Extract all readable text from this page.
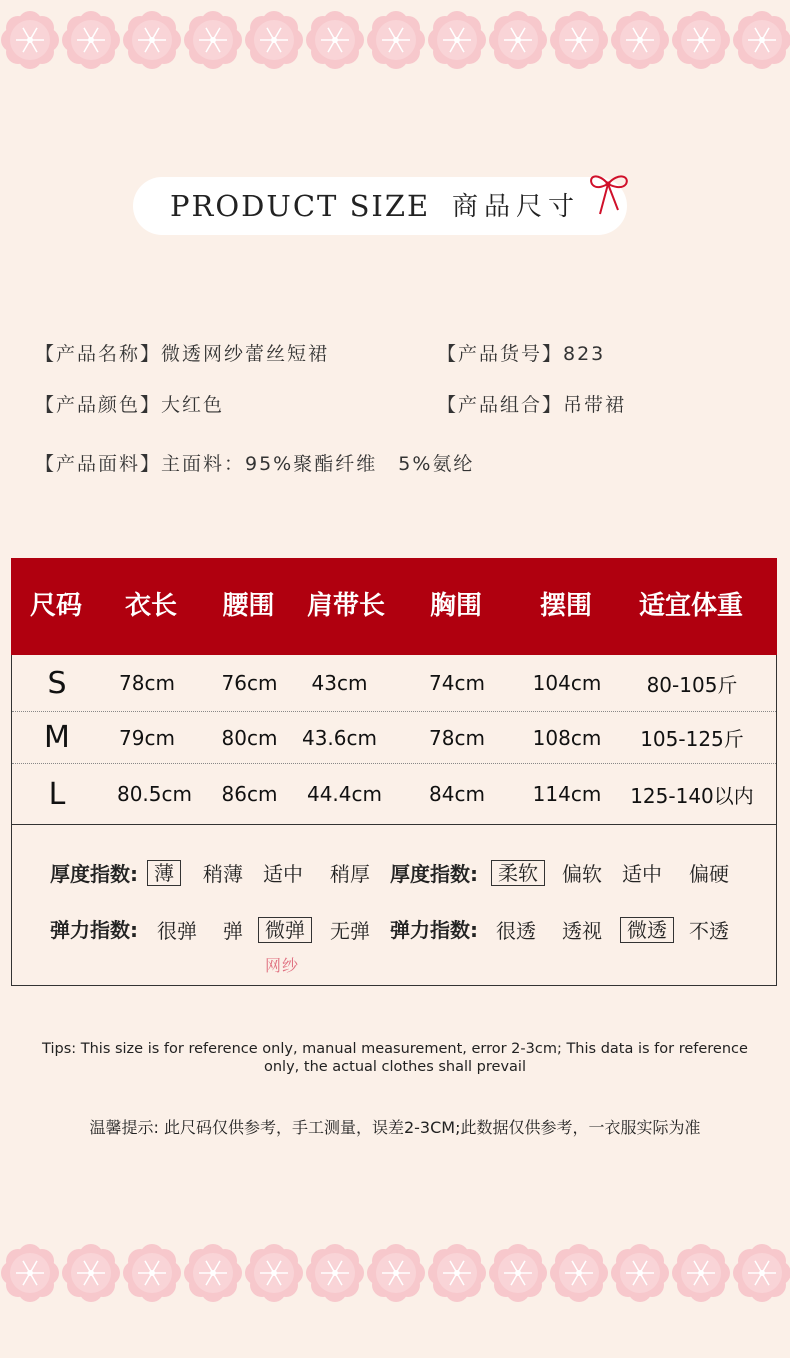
PRODUCT SIZE 商品尺寸
【产品名称】微透网纱蕾丝短裙	【产品货号】823
【产品颜色】大红色	【产品组合】吊带裙
【产品面料】主面料：95%聚酯纤维　5%氨纶
尺码	衣长	腰围	肩带长	胸围	摆围	适宜体重
S	78cm	76cm	43cm	74cm	104cm	80-105斤
M	79cm	80cm	43.6cm	78cm	108cm	105-125斤
L	80.5cm	86cm	44.4cm	84cm	114cm	125-140以内
厚度指数: 薄	稍薄 适中 稍厚 厚度指数:	柔软	偏软 适中 偏硬
弹力指数: 很弹 弹	微弹	无弹
网纱
弹力指数: 很透 透视	微透	不透
Tips: This size is for reference only, manual measurement, error 2-3cm; This data is for reference only, the actual clothes shall prevail
温馨提示: 此尺码仅供参考，手工测量，误差2-3CM;此数据仅供参考，一衣服实际为准
